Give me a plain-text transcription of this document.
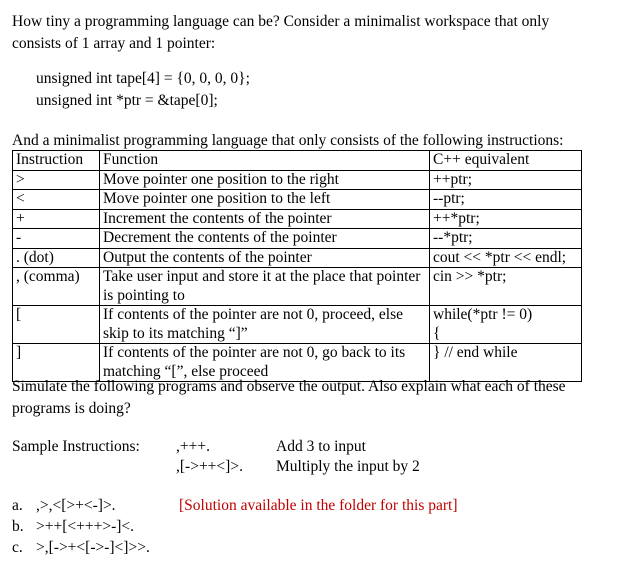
How tiny a programming language can be? Consider a minimalist workspace that only
consists of 1 array and 1 pointer:
unsigned int tape[4] = {0, 0, 0, 0};
unsigned int *ptr = &tape[0];
And a minimalist programming language that only consists of the following instructions:
Instruction	Function	C++ equivalent
>	Move pointer one position to the right	++ptr;
<	Move pointer one position to the left	--ptr;
+	Increment the contents of the pointer	++*ptr;
-	Decrement the contents of the pointer	--*ptr;
. (dot)	Output the contents of the pointer	cout << *ptr << endl;
, (comma)	Take user input and store it at the place that pointer is pointing to	cin >> *ptr;
[	If contents of the pointer are not 0, proceed, else skip to its matching “]”	while(*ptr != 0)
{

]	If contents of the pointer are not 0, go back to its matching “[”, else proceed	} // end while
Simulate the following programs and observe the output. Also explain what each of these
programs is doing?
Sample Instructions: ,+++.	Add 3 to input
,[->++<]>. Multiply the input by 2
a. ,>,<[>+<-]>.	[Solution available in the folder for this part]
b. >++[<+++>-]<.
c. >,[->+<[->-]<]>>.
